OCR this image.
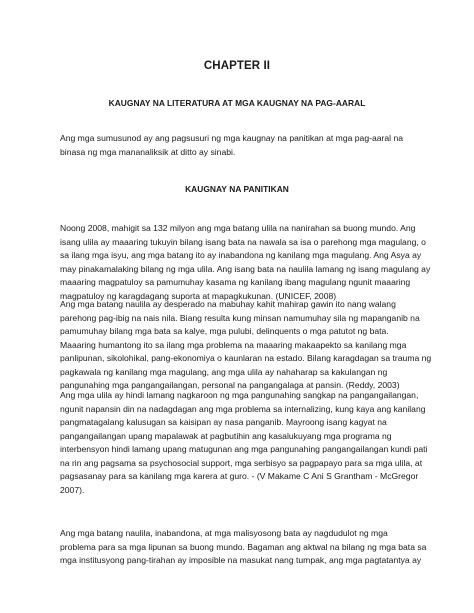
CHAPTER II
KAUGNAY NA LITERATURA AT MGA KAUGNAY NA PAG-AARAL
Ang mga sumusunod ay ang pagsusuri ng mga kaugnay na panitikan at mga pag-aaral na
binasa ng mga mananaliksik at ditto ay sinabi.
KAUGNAY NA PANITIKAN
Noong 2008, mahigit sa 132 milyon ang mga batang ulila na nanirahan sa buong mundo. Ang
isang ulila ay maaaring tukuyin bilang isang bata na nawala sa isa o parehong mga magulang, o
sa ilang mga isyu, ang mga batang ito ay inabandona ng kanilang mga magulang. Ang Asya ay
may pinakamalaking bilang ng mga ulila. Ang isang bata na naulila lamang ng isang magulang ay
maaaring magpatuloy sa pamumuhay kasama ng kanilang ibang magulang ngunit maaaring
magpatuloy ng karagdagang suporta at mapagkukunan. (UNICEF, 2008)
Ang mga batang naulila ay desperado na mabuhay kahit mahirap gawin ito nang walang
parehong pag-ibig na nais nila. Biang resulta kung minsan namumuhay sila ng mapanganib na
pamumuhay bilang mga bata sa kalye, mga pulubi, delinquents o mga patutot ng bata.
Maaaring humantong ito sa ilang mga problema na maaaring makaapekto sa kanilang mga
panlipunan, sikolohikal, pang-ekonomiya o kaunlaran na estado. Bilang karagdagan sa trauma ng
pagkawala ng kanilang mga magulang, ang mga ulila ay nahaharap sa kakulangan ng
pangunahing mga pangangailangan, personal na pangangalaga at pansin. (Reddy, 2003)
Ang mga ulila ay hindi lamang nagkaroon ng mga pangunahing sangkap na pangangailangan,
ngunit napansin din na nadagdagan ang mga problema sa internalizing, kung kaya ang kanilang
pangmatagalang kalusugan sa kaisipan ay nasa panganib. Mayroong isang kagyat na
pangangailangan upang mapalawak at pagbutihin ang kasalukuyang mga programa ng
interbensyon hindi lamang upang matugunan ang mga pangunahing pangangailangan kundi pati
na rin ang pagsama sa psychosocial support, mga serbisyo sa pagpapayo para sa mga ulila, at
pagsasanay para sa kanilang mga karera at guro. - (V Makame C Ani S Grantham - McGregor
2007).
Ang mga batang naulila, inabandona, at mga malisyosong bata ay nagdudulot ng mga
problema para sa mga lipunan sa buong mundo. Bagaman ang aktwal na bilang ng mga bata sa
mga institusyong pang-tirahan ay imposible na masukat nang tumpak, ang mga pagtatantya ay
